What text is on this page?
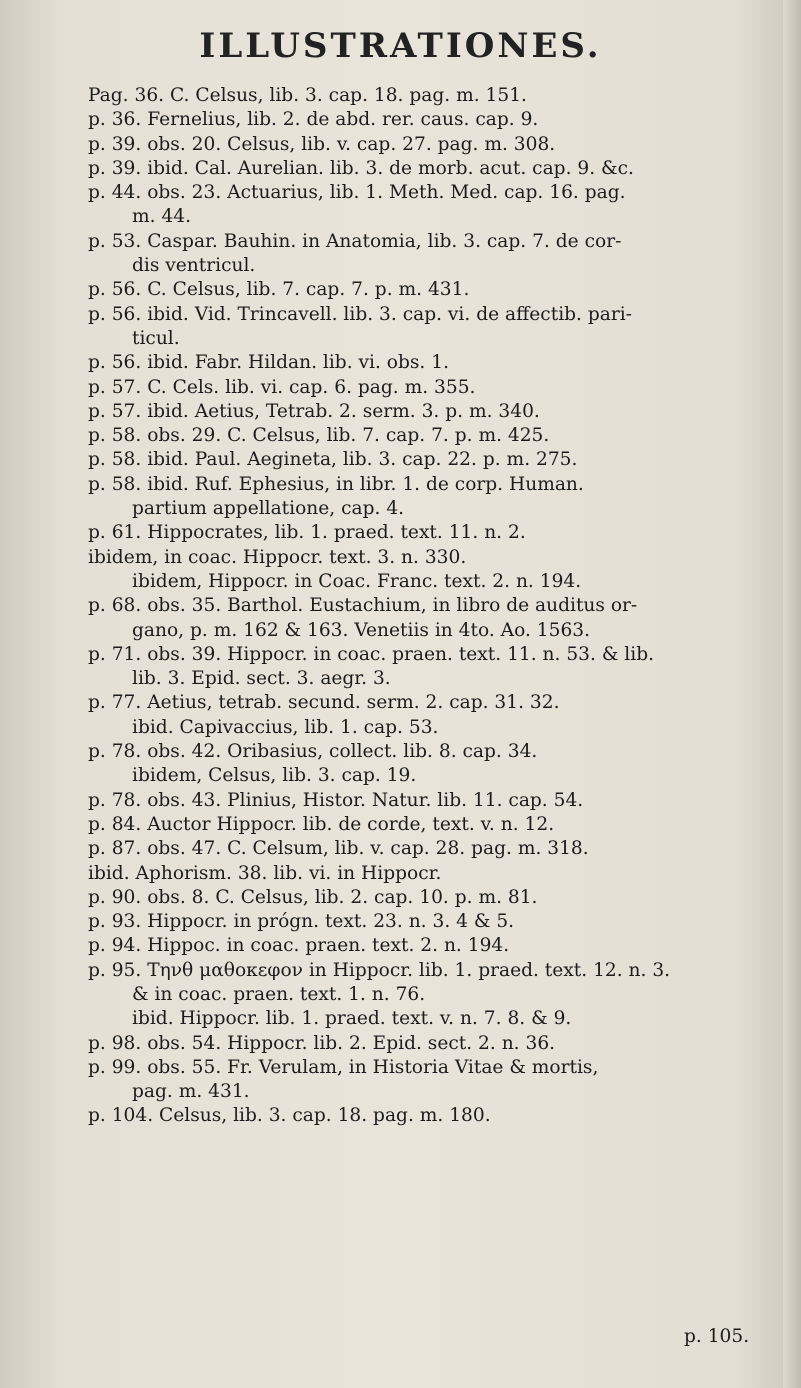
ILLUSTRATIONES.
Pag. 36. C. Celsus, lib. 3. cap. 18. pag. m. 151.
p. 36. Fernelius, lib. 2. de abd. rer. caus. cap. 9.
p. 39. obs. 20. Celsus, lib. v. cap. 27. pag. m. 308.
p. 39. ibid. Cal. Aurelian. lib. 3. de morb. acut. cap. 9. &c.
p. 44. obs. 23. Actuarius, lib. 1. Meth. Med. cap. 16. pag.
m. 44.
p. 53. Caspar. Bauhin. in Anatomia, lib. 3. cap. 7. de cor-
dis ventricul.
p. 56. C. Celsus, lib. 7. cap. 7. p. m. 431.
p. 56. ibid. Vid. Trincavell. lib. 3. cap. vi. de affectib. pari-
ticul.
p. 56. ibid. Fabr. Hildan. lib. vi. obs. 1.
p. 57. C. Cels. lib. vi. cap. 6. pag. m. 355.
p. 57. ibid. Aetius, Tetrab. 2. serm. 3. p. m. 340.
p. 58. obs. 29. C. Celsus, lib. 7. cap. 7. p. m. 425.
p. 58. ibid. Paul. Aegineta, lib. 3. cap. 22. p. m. 275.
p. 58. ibid. Ruf. Ephesius, in libr. 1. de corp. Human.
partium appellatione, cap. 4.
p. 61. Hippocrates, lib. 1. praed. text. 11. n. 2.
ibidem, in coac. Hippocr. text. 3. n. 330.
ibidem, Hippocr. in Coac. Franc. text. 2. n. 194.
p. 68. obs. 35. Barthol. Eustachium, in libro de auditus or-
gano, p. m. 162 & 163. Venetiis in 4to. Ao. 1563.
p. 71. obs. 39. Hippocr. in coac. praen. text. 11. n. 53. & lib.
lib. 3. Epid. sect. 3. aegr. 3.
p. 77. Aetius, tetrab. secund. serm. 2. cap. 31. 32.
ibid. Capivaccius, lib. 1. cap. 53.
p. 78. obs. 42. Oribasius, collect. lib. 8. cap. 34.
ibidem, Celsus, lib. 3. cap. 19.
p. 78. obs. 43. Plinius, Histor. Natur. lib. 11. cap. 54.
p. 84. Auctor Hippocr. lib. de corde, text. v. n. 12.
p. 87. obs. 47. C. Celsum, lib. v. cap. 28. pag. m. 318.
ibid. Aphorism. 38. lib. vi. in Hippocr.
p. 90. obs. 8. C. Celsus, lib. 2. cap. 10. p. m. 81.
p. 93. Hippocr. in prógn. text. 23. n. 3. 4 & 5.
p. 94. Hippoc. in coac. praen. text. 2. n. 194.
p. 95. Τηνθ μαθοκεφον in Hippocr. lib. 1. praed. text. 12. n. 3.
& in coac. praen. text. 1. n. 76.
ibid. Hippocr. lib. 1. praed. text. v. n. 7. 8. & 9.
p. 98. obs. 54. Hippocr. lib. 2. Epid. sect. 2. n. 36.
p. 99. obs. 55. Fr. Verulam, in Historia Vitae & mortis,
pag. m. 431.
p. 104. Celsus, lib. 3. cap. 18. pag. m. 180.
p. 105.
